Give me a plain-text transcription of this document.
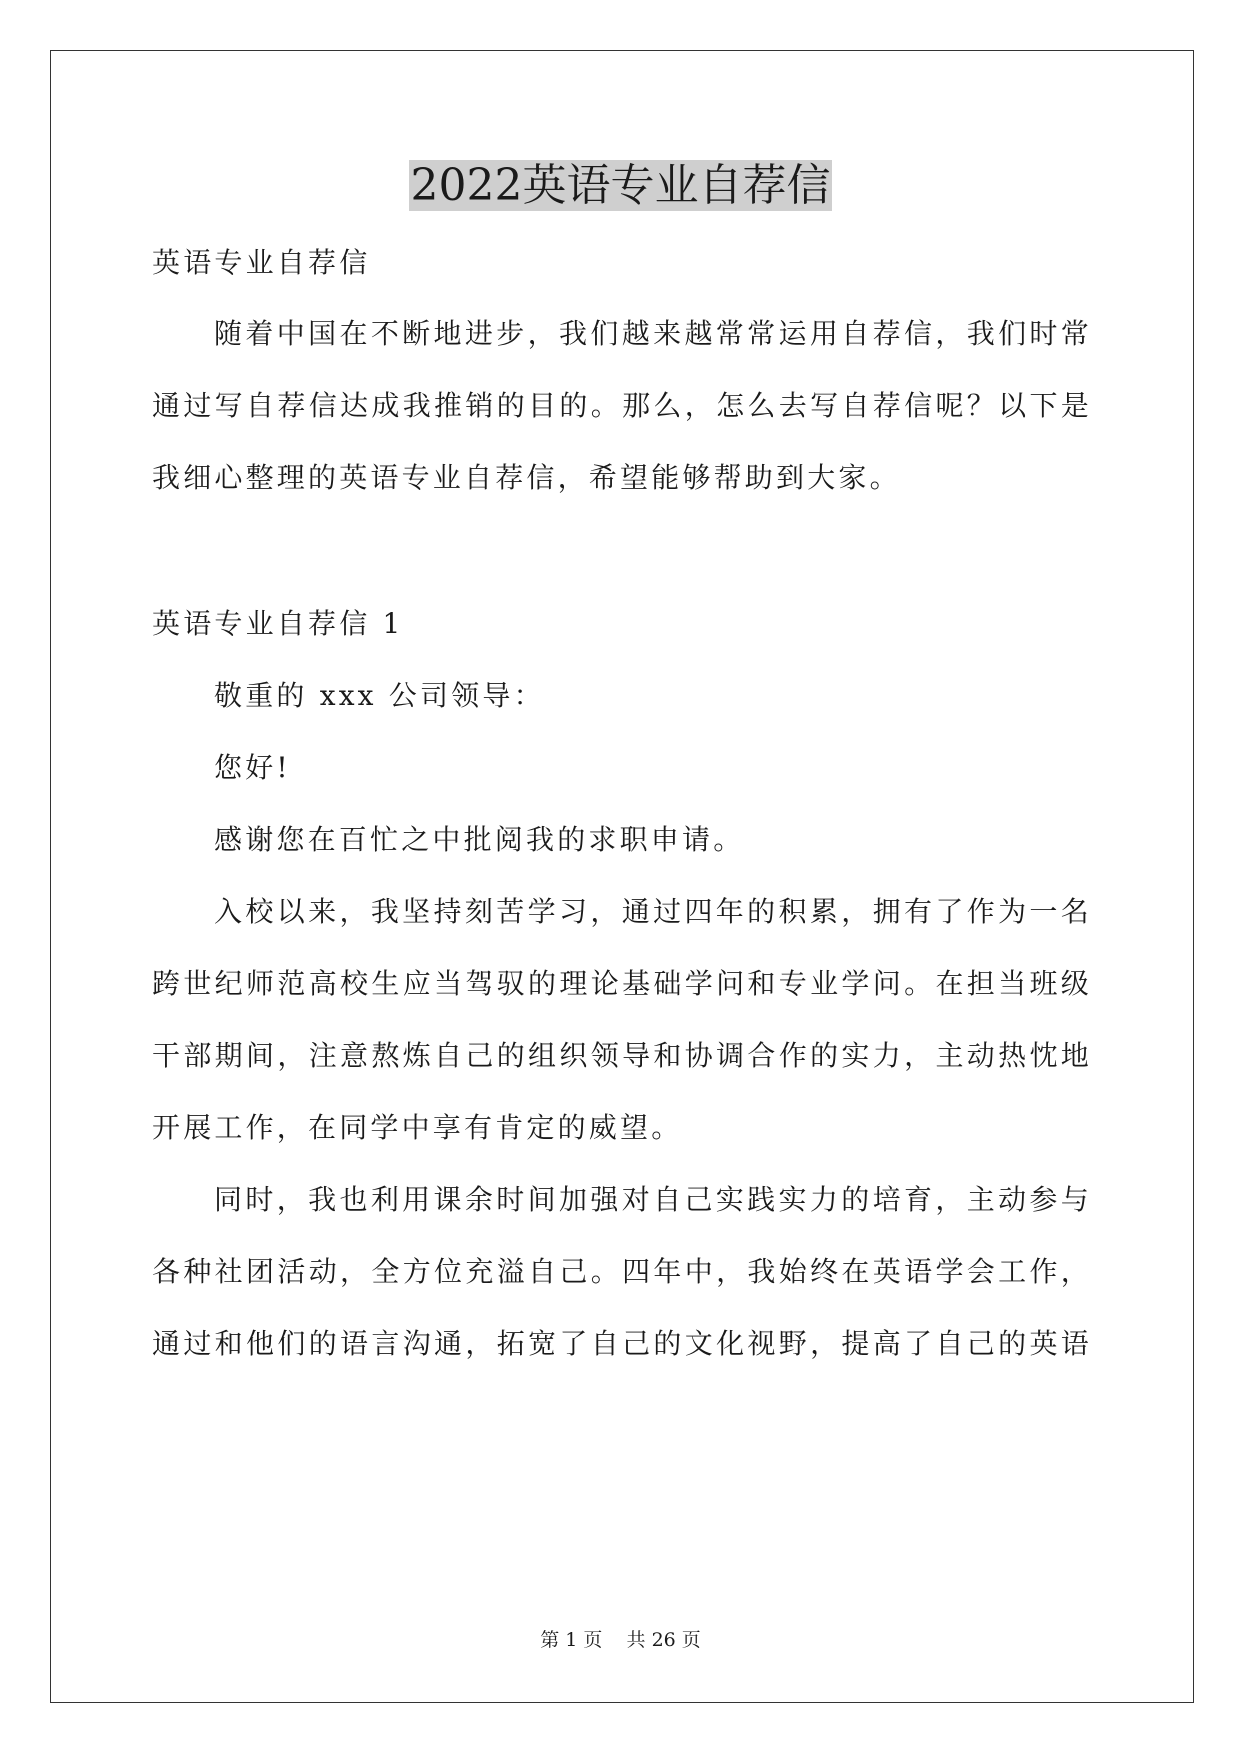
2022英语专业自荐信
英语专业自荐信
随着中国在不断地进步，我们越来越常常运用自荐信，我们时常
通过写自荐信达成我推销的目的。那么，怎么去写自荐信呢？以下是
我细心整理的英语专业自荐信，希望能够帮助到大家。
英语专业自荐信 1
敬重的 xxx 公司领导：
您好!
感谢您在百忙之中批阅我的求职申请。
入校以来，我坚持刻苦学习，通过四年的积累，拥有了作为一名
跨世纪师范高校生应当驾驭的理论基础学问和专业学问。在担当班级
干部期间，注意熬炼自己的组织领导和协调合作的实力，主动热忱地
开展工作，在同学中享有肯定的威望。
同时，我也利用课余时间加强对自己实践实力的培育，主动参与
各种社团活动，全方位充溢自己。四年中，我始终在英语学会工作，
通过和他们的语言沟通，拓宽了自己的文化视野，提高了自己的英语
第 1 页    共 26 页
